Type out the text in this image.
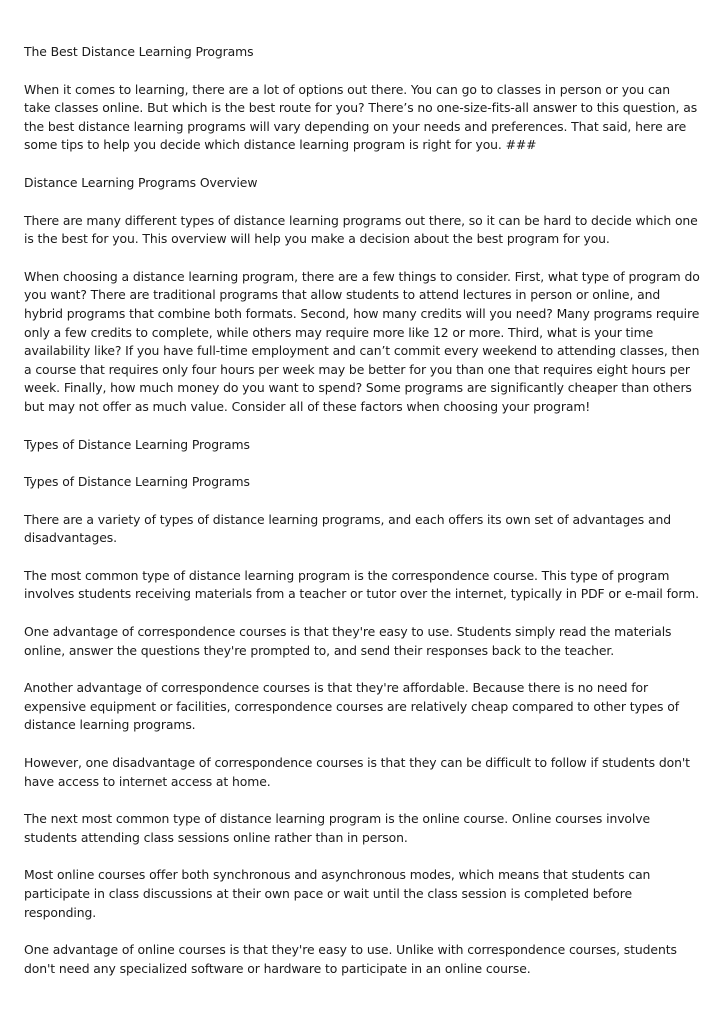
The Best Distance Learning Programs
When it comes to learning, there are a lot of options out there. You can go to classes in person or you can take classes online. But which is the best route for you? There’s no one-size-fits-all answer to this question, as the best distance learning programs will vary depending on your needs and preferences. That said, here are some tips to help you decide which distance learning program is right for you. ###
Distance Learning Programs Overview
There are many different types of distance learning programs out there, so it can be hard to decide which one is the best for you. This overview will help you make a decision about the best program for you.
When choosing a distance learning program, there are a few things to consider. First, what type of program do you want? There are traditional programs that allow students to attend lectures in person or online, and hybrid programs that combine both formats. Second, how many credits will you need? Many programs require only a few credits to complete, while others may require more like 12 or more. Third, what is your time availability like? If you have full-time employment and can’t commit every weekend to attending classes, then a course that requires only four hours per week may be better for you than one that requires eight hours per week. Finally, how much money do you want to spend? Some programs are significantly cheaper than others but may not offer as much value. Consider all of these factors when choosing your program!
Types of Distance Learning Programs
Types of Distance Learning Programs
There are a variety of types of distance learning programs, and each offers its own set of advantages and disadvantages.
The most common type of distance learning program is the correspondence course. This type of program involves students receiving materials from a teacher or tutor over the internet, typically in PDF or e-mail form.
One advantage of correspondence courses is that they're easy to use. Students simply read the materials online, answer the questions they're prompted to, and send their responses back to the teacher.
Another advantage of correspondence courses is that they're affordable. Because there is no need for expensive equipment or facilities, correspondence courses are relatively cheap compared to other types of distance learning programs.
However, one disadvantage of correspondence courses is that they can be difficult to follow if students don't have access to internet access at home.
The next most common type of distance learning program is the online course. Online courses involve students attending class sessions online rather than in person.
Most online courses offer both synchronous and asynchronous modes, which means that students can participate in class discussions at their own pace or wait until the class session is completed before responding.
One advantage of online courses is that they're easy to use. Unlike with correspondence courses, students don't need any specialized software or hardware to participate in an online course.
